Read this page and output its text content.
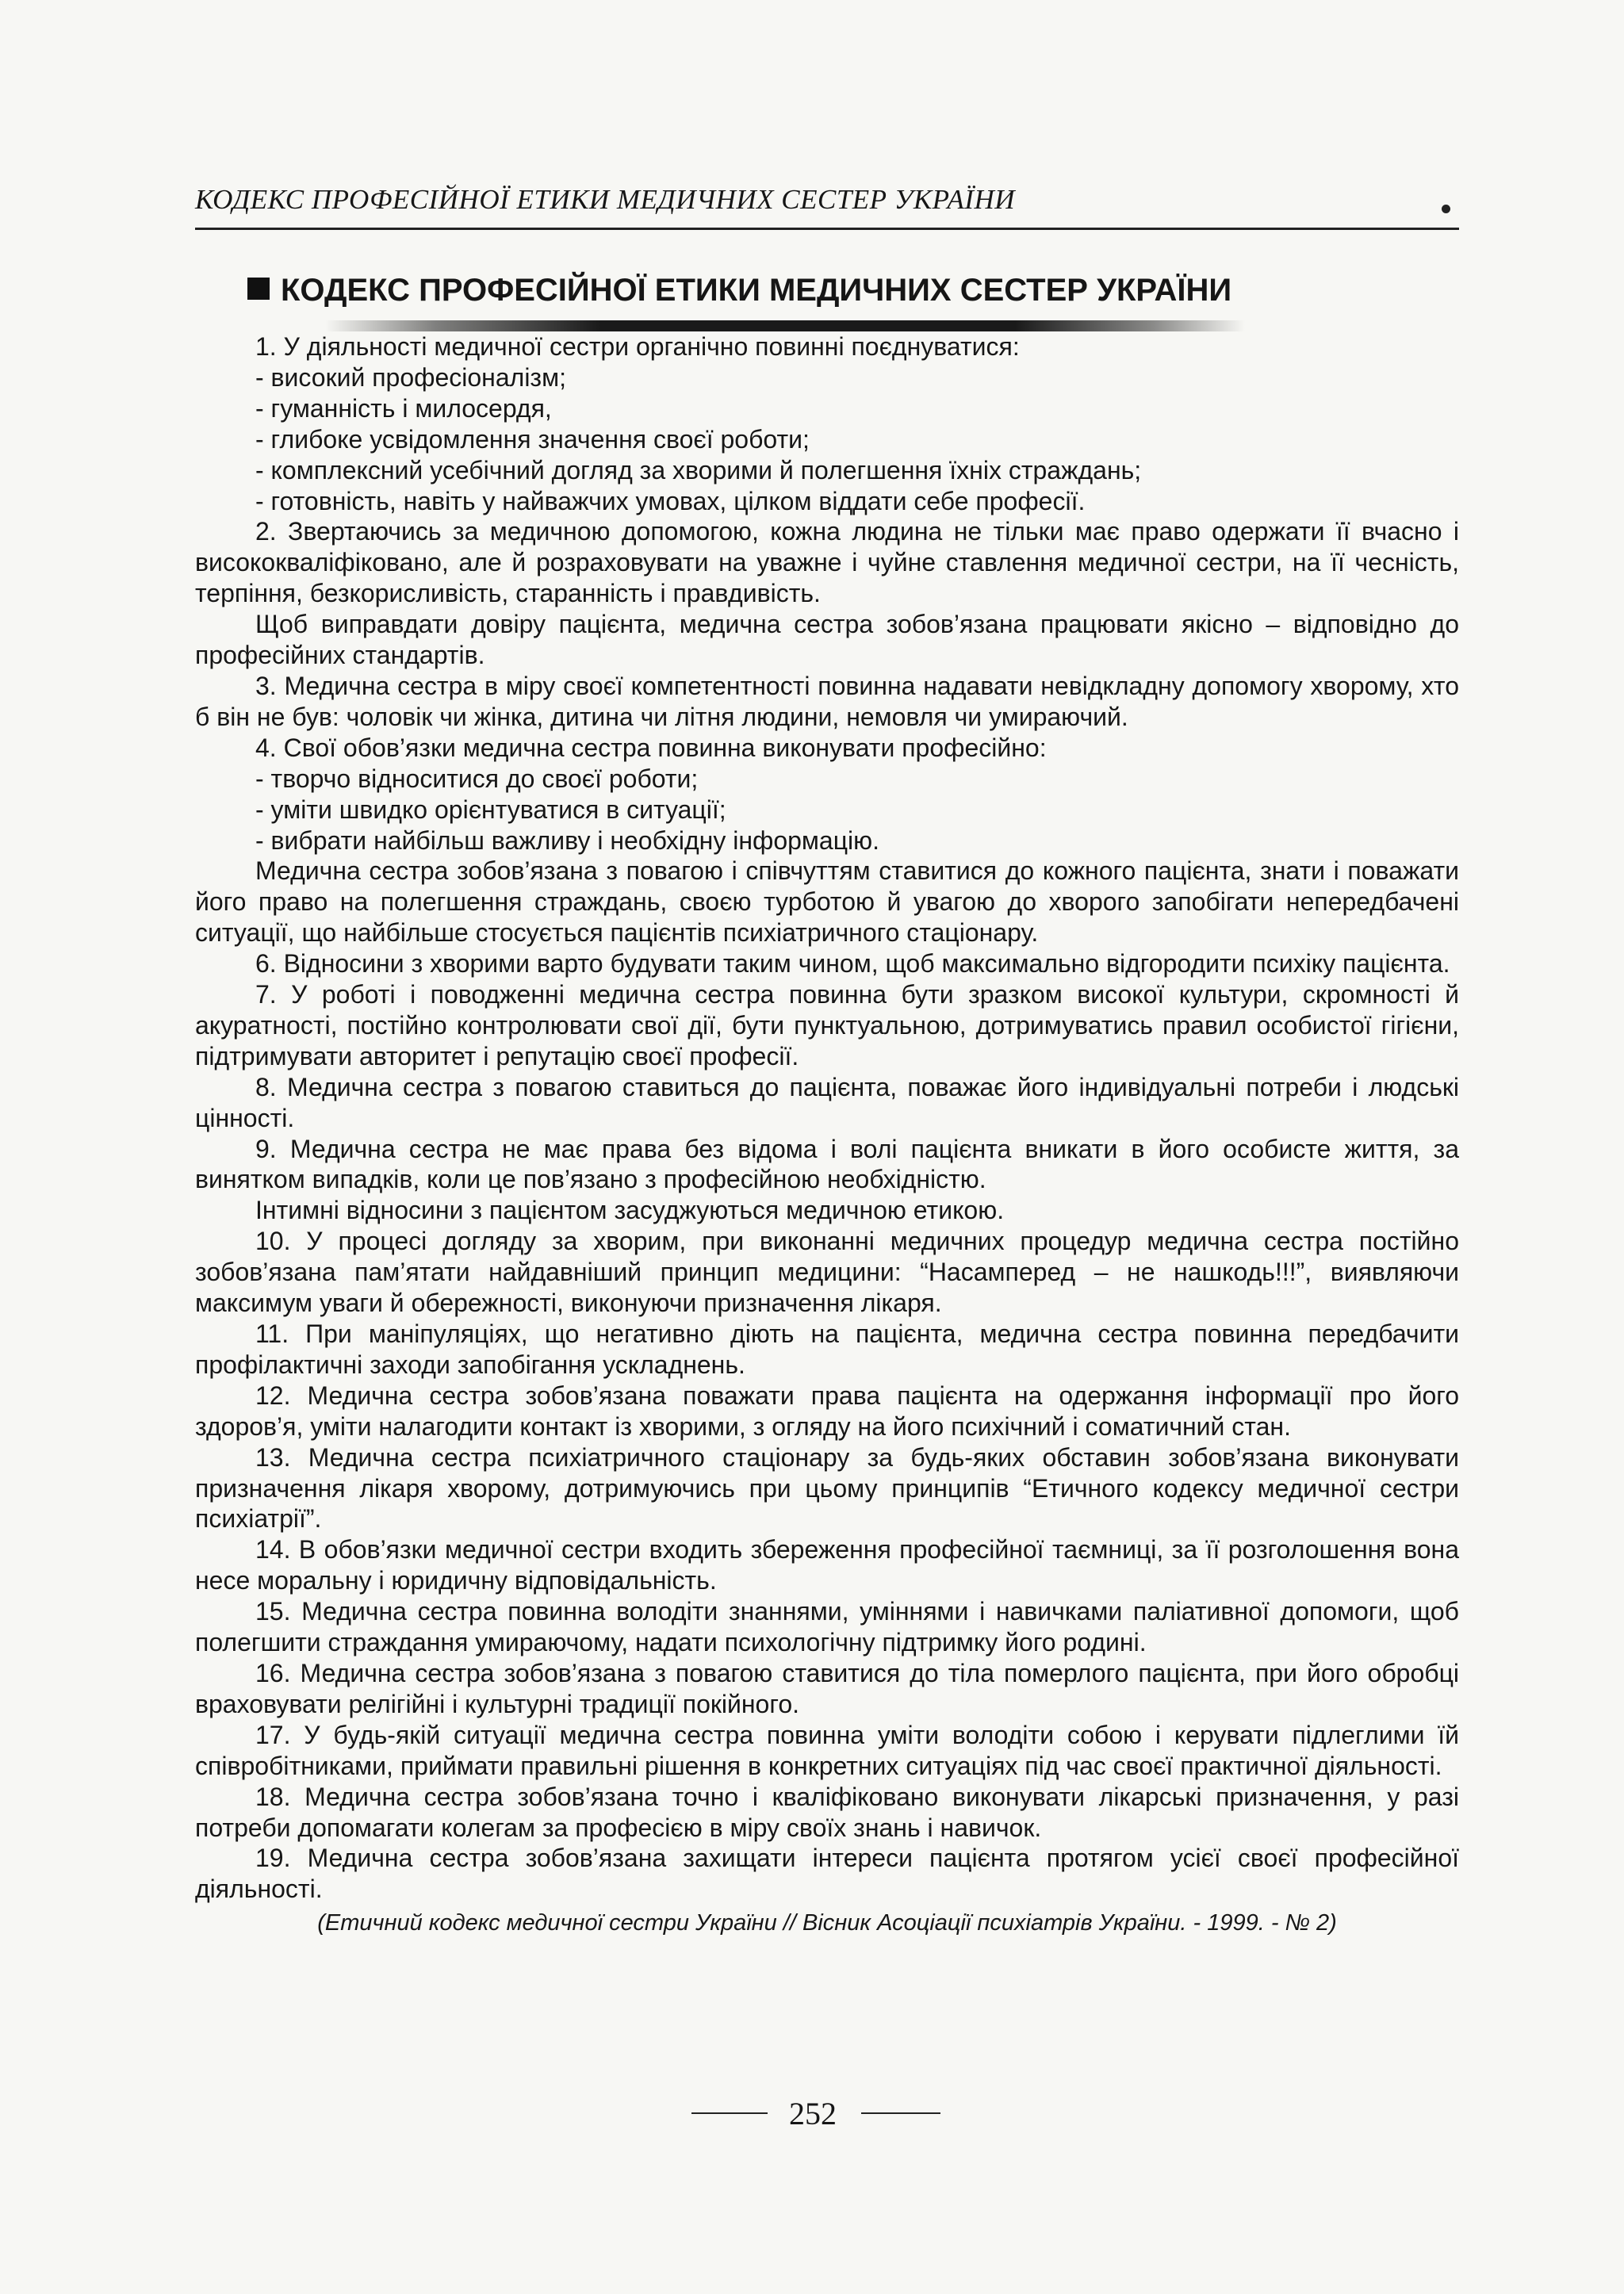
КОДЕКС ПРОФЕСІЙНОЇ ЕТИКИ МЕДИЧНИХ СЕСТЕР УКРАЇНИ
КОДЕКС ПРОФЕСІЙНОЇ ЕТИКИ МЕДИЧНИХ СЕСТЕР УКРАЇНИ

1. У діяльності медичної сестри органічно повинні поєднуватися:

- високий професіоналізм;

- гуманність і милосердя,

- глибоке усвідомлення значення своєї роботи;

- комплексний усебічний догляд за хворими й полегшення їхніх страждань;

- готовність, навіть у найважчих умовах, цілком віддати себе професії.

2. Звертаючись за медичною допомогою, кожна людина не тільки має право одержати її вчасно і висококваліфіковано, але й розраховувати на уважне і чуйне ставлення медичної сестри, на її чесність, терпіння, безкорисливість, старанність і правдивість.

Щоб виправдати довіру пацієнта, медична сестра зобов’язана працювати якісно – відповідно до професійних стандартів.

3. Медична сестра в міру своєї компетентності повинна надавати невідкладну допомогу хворому, хто б він не був: чоловік чи жінка, дитина чи літня людини, немовля чи умираючий.

4. Свої обов’язки медична сестра повинна виконувати професійно:

- творчо відноситися до своєї роботи;

- уміти швидко орієнтуватися в ситуації;

- вибрати найбільш важливу і необхідну інформацію.

Медична сестра зобов’язана з повагою і співчуттям ставитися до кожного пацієнта, знати і поважати його право на полегшення страждань, своєю турботою й увагою до хворого запобігати непередбачені ситуації, що найбільше стосується пацієнтів психіатричного стаціонару.

6. Відносини з хворими варто будувати таким чином, щоб максимально відгородити психіку пацієнта.

7. У роботі і поводженні медична сестра повинна бути зразком високої культури, скромності й акуратності, постійно контролювати свої дії, бути пунктуальною, дотримуватись правил особистої гігієни, підтримувати авторитет і репутацію своєї професії.

8. Медична сестра з повагою ставиться до пацієнта, поважає його індивідуальні потреби і людські цінності.

9. Медична сестра не має права без відома і волі пацієнта вникати в його особисте життя, за винятком випадків, коли це пов’язано з професійною необхідністю.

Інтимні відносини з пацієнтом засуджуються медичною етикою.

10. У процесі догляду за хворим, при виконанні медичних процедур медична сестра постійно зобов’язана пам’ятати найдавніший принцип медицини: “Насамперед – не нашкодь!!!”, виявляючи максимум уваги й обережності, виконуючи призначення лікаря.

11. При маніпуляціях, що негативно діють на пацієнта, медична сестра повинна передбачити профілактичні заходи запобігання ускладнень.

12. Медична сестра зобов’язана поважати права пацієнта на одержання інформації про його здоров’я, уміти налагодити контакт із хворими, з огляду на його психічний і соматичний стан.

13. Медична сестра психіатричного стаціонару за будь-яких обставин зобов’язана виконувати призначення лікаря хворому, дотримуючись при цьому принципів “Етичного кодексу медичної сестри психіатрії”.

14. В обов’язки медичної сестри входить збереження професійної таємниці, за її розголошення вона несе моральну і юридичну відповідальність.

15. Медична сестра повинна володіти знаннями, уміннями і навичками паліативної допомоги, щоб полегшити страждання умираючому, надати психологічну підтримку його родині.

16. Медична сестра зобов’язана з повагою ставитися до тіла померлого пацієнта, при його обробці враховувати релігійні і культурні традиції покійного.

17. У будь-якій ситуації медична сестра повинна уміти володіти собою і керувати підлеглими їй співробітниками, приймати правильні рішення в конкретних ситуаціях під час своєї практичної діяльності.

18. Медична сестра зобов’язана точно і кваліфіковано виконувати лікарські призначення, у разі потреби допомагати колегам за професією в міру своїх знань і навичок.

19. Медична сестра зобов’язана захищати інтереси пацієнта протягом усієї своєї професійної діяльності.

(Етичний кодекс медичної сестри України // Вісник Асоціації психіатрів України. - 1999. - № 2)

252
